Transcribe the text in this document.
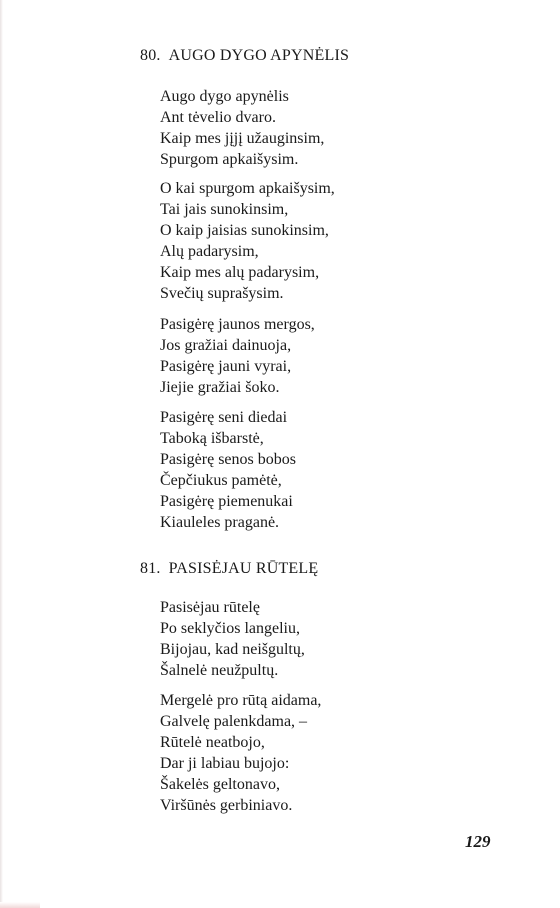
80. AUGO DYGO APYNĖLIS
Augo dygo apynėlis
Ant tėvelio dvaro.
Kaip mes jįjį užauginsim,
Spurgom apkaišysim.
O kai spurgom apkaišysim,
Tai jais sunokinsim,
O kaip jaisias sunokinsim,
Alų padarysim,
Kaip mes alų padarysim,
Svečių suprašysim.
Pasigėrę jaunos mergos,
Jos gražiai dainuoja,
Pasigėrę jauni vyrai,
Jiejie gražiai šoko.
Pasigėrę seni diedai
Taboką išbarstė,
Pasigėrę senos bobos
Čepčiukus pamėtė,
Pasigėrę piemenukai
Kiauleles praganė.
81. PASISĖJAU RŪTELĘ
Pasisėjau rūtelę
Po seklyčios langeliu,
Bijojau, kad neišgultų,
Šalnelė neužpultų.
Mergelė pro rūtą aidama,
Galvelę palenkdama, –
Rūtelė neatbojo,
Dar ji labiau bujojo:
Šakelės geltonavo,
Viršūnės gerbiniavo.
129
